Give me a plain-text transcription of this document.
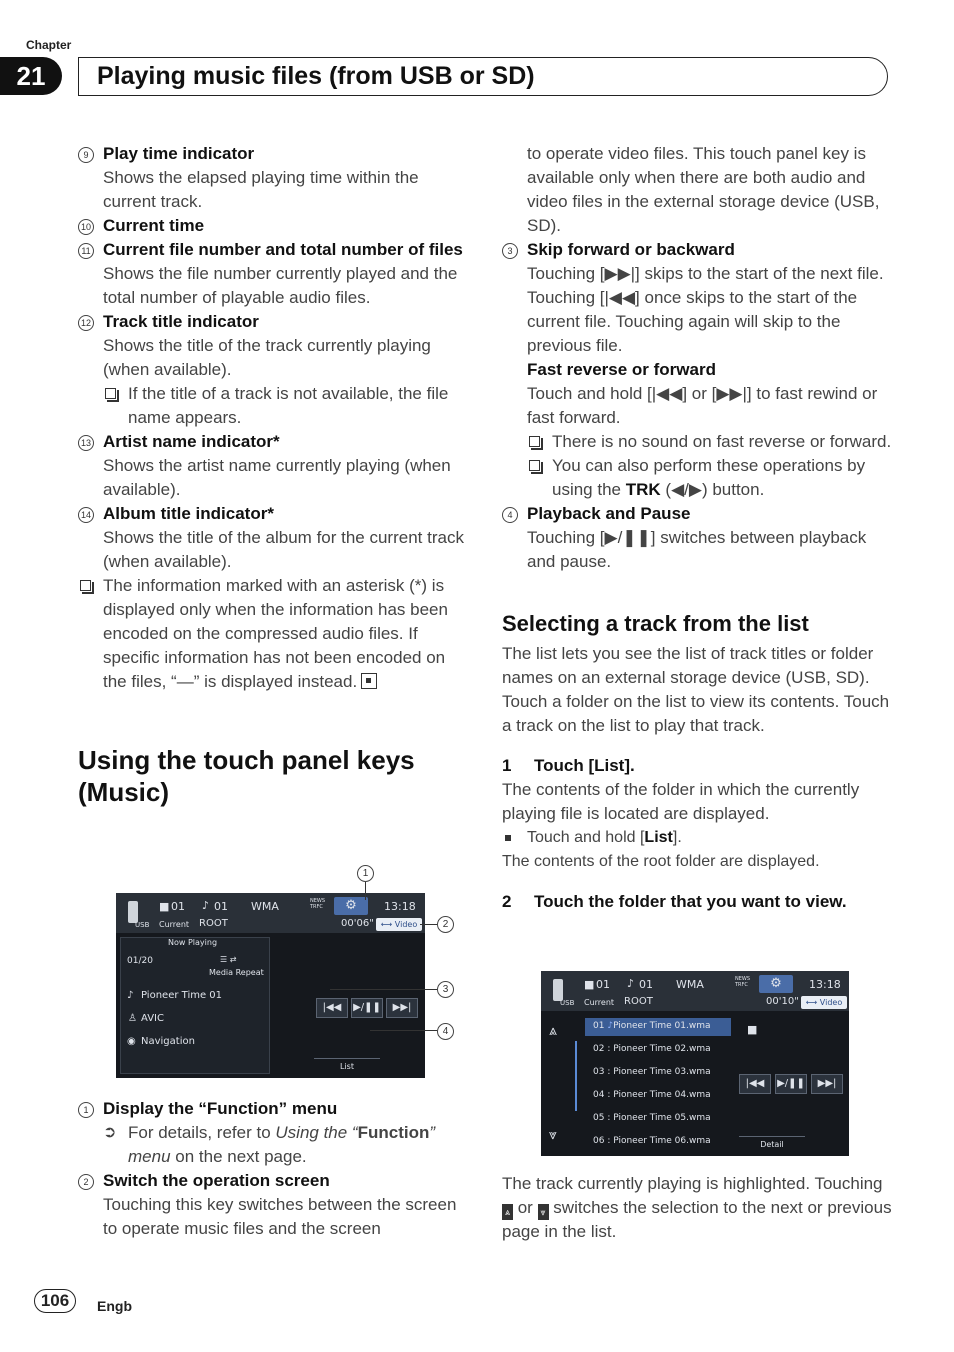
Chapter
21	Playing music files (from USB or SD)
9 Play time indicator
Shows the elapsed playing time within the current track.
10 Current time
11 Current file number and total number of files
Shows the file number currently played and the total number of playable audio files.
12 Track title indicator
Shows the title of the track currently playing (when available).
If the title of a track is not available, the file name appears.
13 Artist name indicator*
Shows the artist name currently playing (when available).
14 Album title indicator*
Shows the title of the album for the current track (when available).
The information marked with an asterisk (*) is displayed only when the information has been encoded on the compressed audio files. If specific information has not been encoded on the files, “—” is displayed instead.
Using the touch panel keys (Music)
USB
■ 01 ♪ 01 WMA	NEWS TRFC	⚙	13:18
Current ROOT	00'06" ⟷ Video
Now Playing
01/20	☰ ⇄
Media Repeat
♪ Pioneer Time 01
♙ AVIC
◉ Navigation
|◀◀	▶/❚❚	▶▶|
List
1
2
3
4
1 Display the “Function” menu
➲ For details, refer to Using the “Function” menu on the next page.
2 Switch the operation screen
Touching this key switches between the screen to operate music files and the screen
to operate video files. This touch panel key is available only when there are both audio and video files in the external storage device (USB, SD).
3 Skip forward or backward
Touching [▶▶|] skips to the start of the next file. Touching [|◀◀] once skips to the start of the current file. Touching again will skip to the previous file.
Fast reverse or forward
Touch and hold [|◀◀] or [▶▶|] to fast rewind or fast forward.
There is no sound on fast reverse or forward.
You can also perform these operations by using the TRK (◀/▶) button.
4 Playback and Pause
Touching [▶/❚❚] switches between playback and pause.
Selecting a track from the list
The list lets you see the list of track titles or folder names on an external storage device (USB, SD). Touch a folder on the list to view its contents. Touch a track on the list to play that track.
1	Touch [List].
The contents of the folder in which the currently playing file is located are displayed.
Touch and hold [List].
The contents of the root folder are displayed.
2	Touch the folder that you want to view.
USB
■ 01 ♪ 01 WMA	NEWS TRFC	⚙	13:18
Current ROOT	00'10" ⟷ Video
⩓
⩔
01 ♪Pioneer Time 01.wma
02 : Pioneer Time 02.wma
03 : Pioneer Time 03.wma
04 : Pioneer Time 04.wma
05 : Pioneer Time 05.wma
06 : Pioneer Time 06.wma
■
|◀◀	▶/❚❚	▶▶|
Detail
The track currently playing is highlighted. Touching ⩓ or ⩔ switches the selection to the next or previous page in the list.
106	Engb
